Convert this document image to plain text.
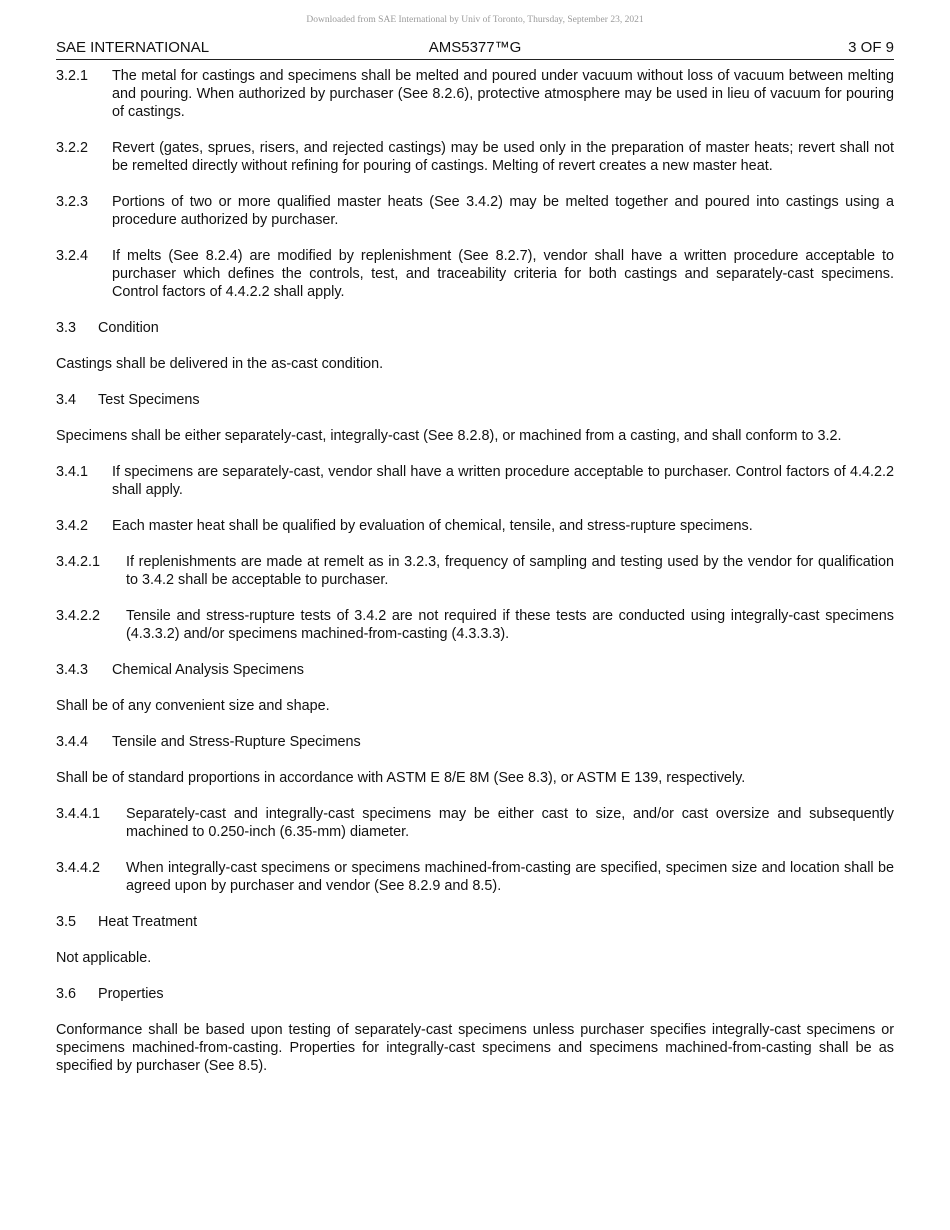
Downloaded from SAE International by Univ of Toronto, Thursday, September 23, 2021
SAE INTERNATIONAL	AMS5377™G	3 OF 9
3.2.1	The metal for castings and specimens shall be melted and poured under vacuum without loss of vacuum between melting and pouring. When authorized by purchaser (See 8.2.6), protective atmosphere may be used in lieu of vacuum for pouring of castings.
3.2.2	Revert (gates, sprues, risers, and rejected castings) may be used only in the preparation of master heats; revert shall not be remelted directly without refining for pouring of castings. Melting of revert creates a new master heat.
3.2.3	Portions of two or more qualified master heats (See 3.4.2) may be melted together and poured into castings using a procedure authorized by purchaser.
3.2.4	If melts (See 8.2.4) are modified by replenishment (See 8.2.7), vendor shall have a written procedure acceptable to purchaser which defines the controls, test, and traceability criteria for both castings and separately-cast specimens. Control factors of 4.4.2.2 shall apply.
3.3	Condition

Castings shall be delivered in the as-cast condition.

3.4	Test Specimens

Specimens shall be either separately-cast, integrally-cast (See 8.2.8), or machined from a casting, and shall conform to 3.2.

3.4.1	If specimens are separately-cast, vendor shall have a written procedure acceptable to purchaser. Control factors of 4.4.2.2 shall apply.
3.4.2	Each master heat shall be qualified by evaluation of chemical, tensile, and stress-rupture specimens.
3.4.2.1	If replenishments are made at remelt as in 3.2.3, frequency of sampling and testing used by the vendor for qualification to 3.4.2 shall be acceptable to purchaser.
3.4.2.2	Tensile and stress-rupture tests of 3.4.2 are not required if these tests are conducted using integrally-cast specimens (4.3.3.2) and/or specimens machined-from-casting (4.3.3.3).
3.4.3	Chemical Analysis Specimens

Shall be of any convenient size and shape.

3.4.4	Tensile and Stress-Rupture Specimens

Shall be of standard proportions in accordance with ASTM E 8/E 8M (See 8.3), or ASTM E 139, respectively.

3.4.4.1	Separately-cast and integrally-cast specimens may be either cast to size, and/or cast oversize and subsequently machined to 0.250-inch (6.35-mm) diameter.
3.4.4.2	When integrally-cast specimens or specimens machined-from-casting are specified, specimen size and location shall be agreed upon by purchaser and vendor (See 8.2.9 and 8.5).
3.5	Heat Treatment

Not applicable.

3.6	Properties

Conformance shall be based upon testing of separately-cast specimens unless purchaser specifies integrally-cast specimens or specimens machined-from-casting. Properties for integrally-cast specimens and specimens machined-from-casting shall be as specified by purchaser (See 8.5).
